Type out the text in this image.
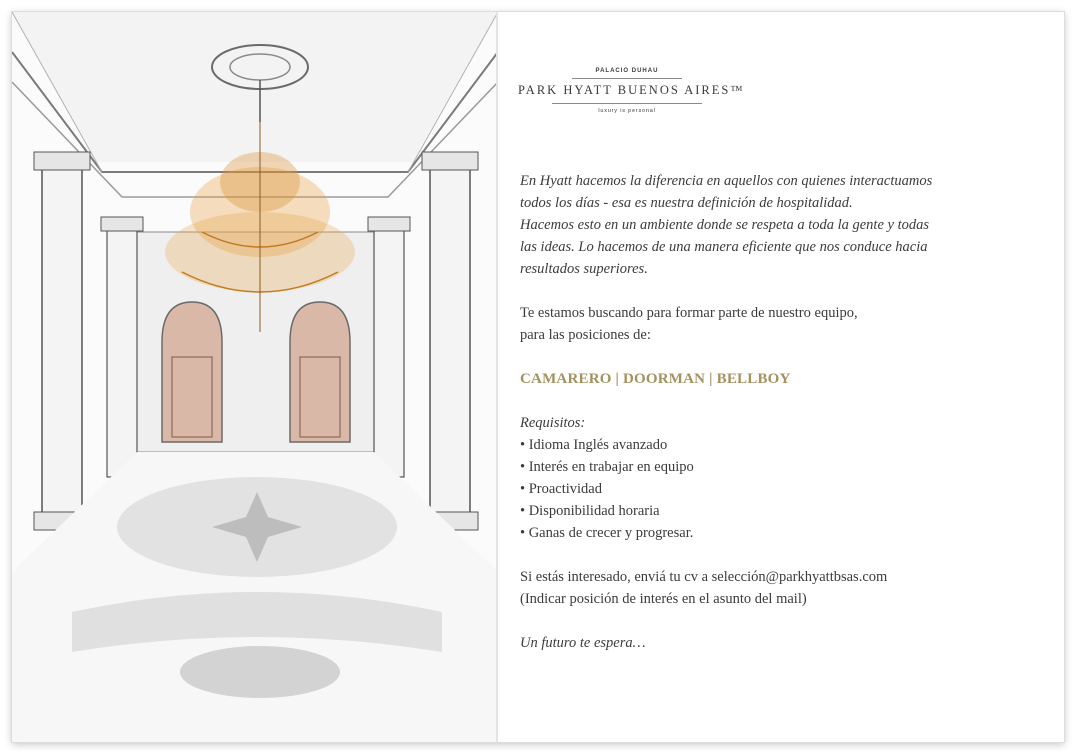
PALACIO DUHAU
PARK HYATT BUENOS AIRES™
luxury is personal

En Hyatt hacemos la diferencia en aquellos con quienes interactuamos

todos los días - esa es nuestra definición de hospitalidad.

Hacemos esto en un ambiente donde se respeta a toda la gente y todas

las ideas. Lo hacemos de una manera eficiente que nos conduce hacia

resultados superiores.

Te estamos buscando para formar parte de nuestro equipo,

para las posiciones de:

CAMARERO | DOORMAN | BELLBOY

Requisitos:

• Idioma Inglés avanzado
• Interés en trabajar en equipo
• Proactividad
• Disponibilidad horaria
• Ganas de crecer y progresar.

Si estás interesado, enviá tu cv a selección@parkhyattbsas.com

(Indicar posición de interés en el asunto del mail)

Un futuro te espera…
